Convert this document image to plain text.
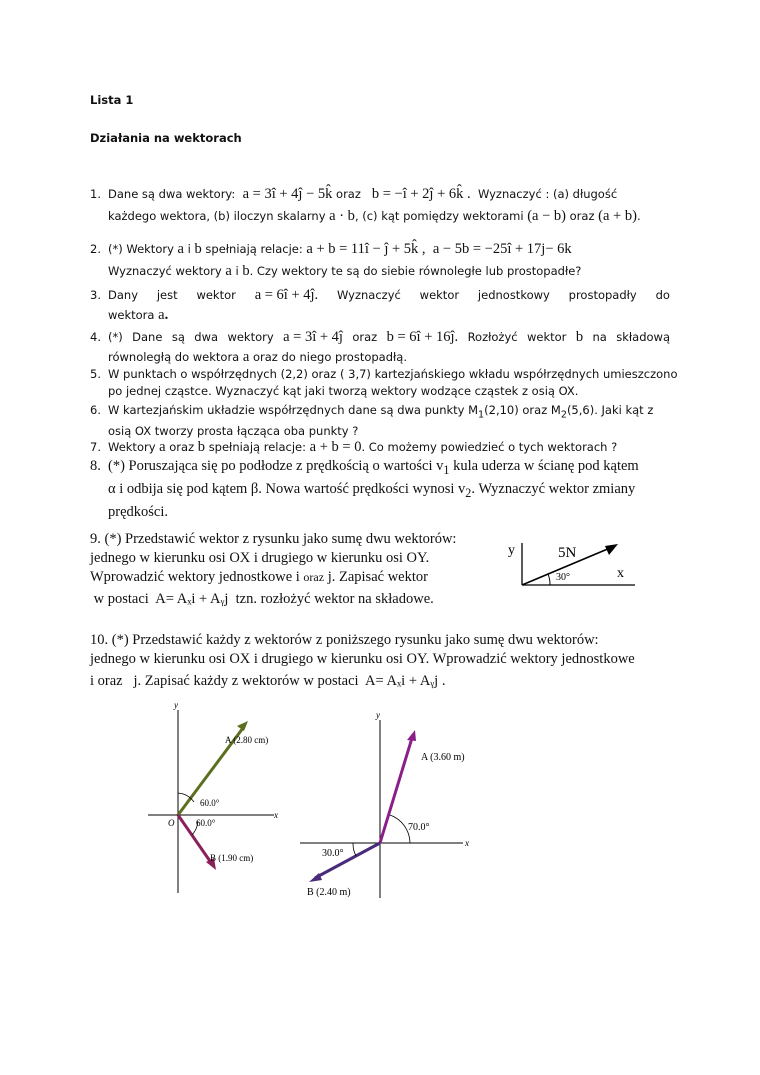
Lista 1
Działania na wektorach
1. Dane są dwa wektory: a = 3î + 4ĵ − 5k̂ oraz b = −î + 2ĵ + 6k̂ . Wyznaczyć : (a) długość
każdego wektora, (b) iloczyn skalarny a · b, (c) kąt pomiędzy wektorami (a − b) oraz (a + b).
2. (*) Wektory a i b spełniają relacje: a + b = 11î − ĵ + 5k̂ , a − 5b = −25î + 17j− 6k
Wyznaczyć wektory a i b. Czy wektory te są do siebie równoległe lub prostopadłe?
3. Dany jest wektor a = 6î + 4ĵ. Wyznaczyć wektor jednostkowy prostopadły do
wektora a.
4. (*) Dane są dwa wektory a = 3î + 4ĵ oraz b = 6î + 16ĵ. Rozłożyć wektor b na składową
równoległą do wektora a oraz do niego prostopadłą.
5. W punktach o współrzędnych (2,2) oraz ( 3,7) kartezjańskiego wkładu współrzędnych umieszczono
po jednej cząstce. Wyznaczyć kąt jaki tworzą wektory wodzące cząstek z osią OX.
6. W kartezjańskim układzie współrzędnych dane są dwa punkty $M_1(2,10)$ oraz $M_2(5,6)$. Jaki kąt z
osią OX tworzy prosta łącząca oba punkty ?
7. Wektory a oraz b spełniają relacje: a + b = 0. Co możemy powiedzieć o tych wektorach ?
8. (*) Poruszająca się po podłodze z prędkością o wartości $v_1$ kula uderza w ścianę pod kątem
α i odbija się pod kątem β. Nowa wartość prędkości wynosi $v_2$. Wyznaczyć wektor zmiany
prędkości.
9. (*) Przedstawić wektor z rysunku jako sumę dwu wektorów:
jednego w kierunku osi OX i drugiego w kierunku osi OY.
Wprowadzić wektory jednostkowe i oraz j. Zapisać wektor
w postaci A= Aₓi + Aᵧj tzn. rozłożyć wektor na składowe.
y
x
5N
30°
10. (*) Przedstawić każdy z wektorów z poniższego rysunku jako sumę dwu wektorów:
jednego w kierunku osi OX i drugiego w kierunku osi OY. Wprowadzić wektory jednostkowe
i oraz j. Zapisać każdy z wektorów w postaci A= Aₓi + Aᵧj .
y
x
O
A (2.80 cm)
B (1.90 cm)
60.0°
60.0°
y
x
A (3.60 m)
B (2.40 m)
70.0°
30.0°
